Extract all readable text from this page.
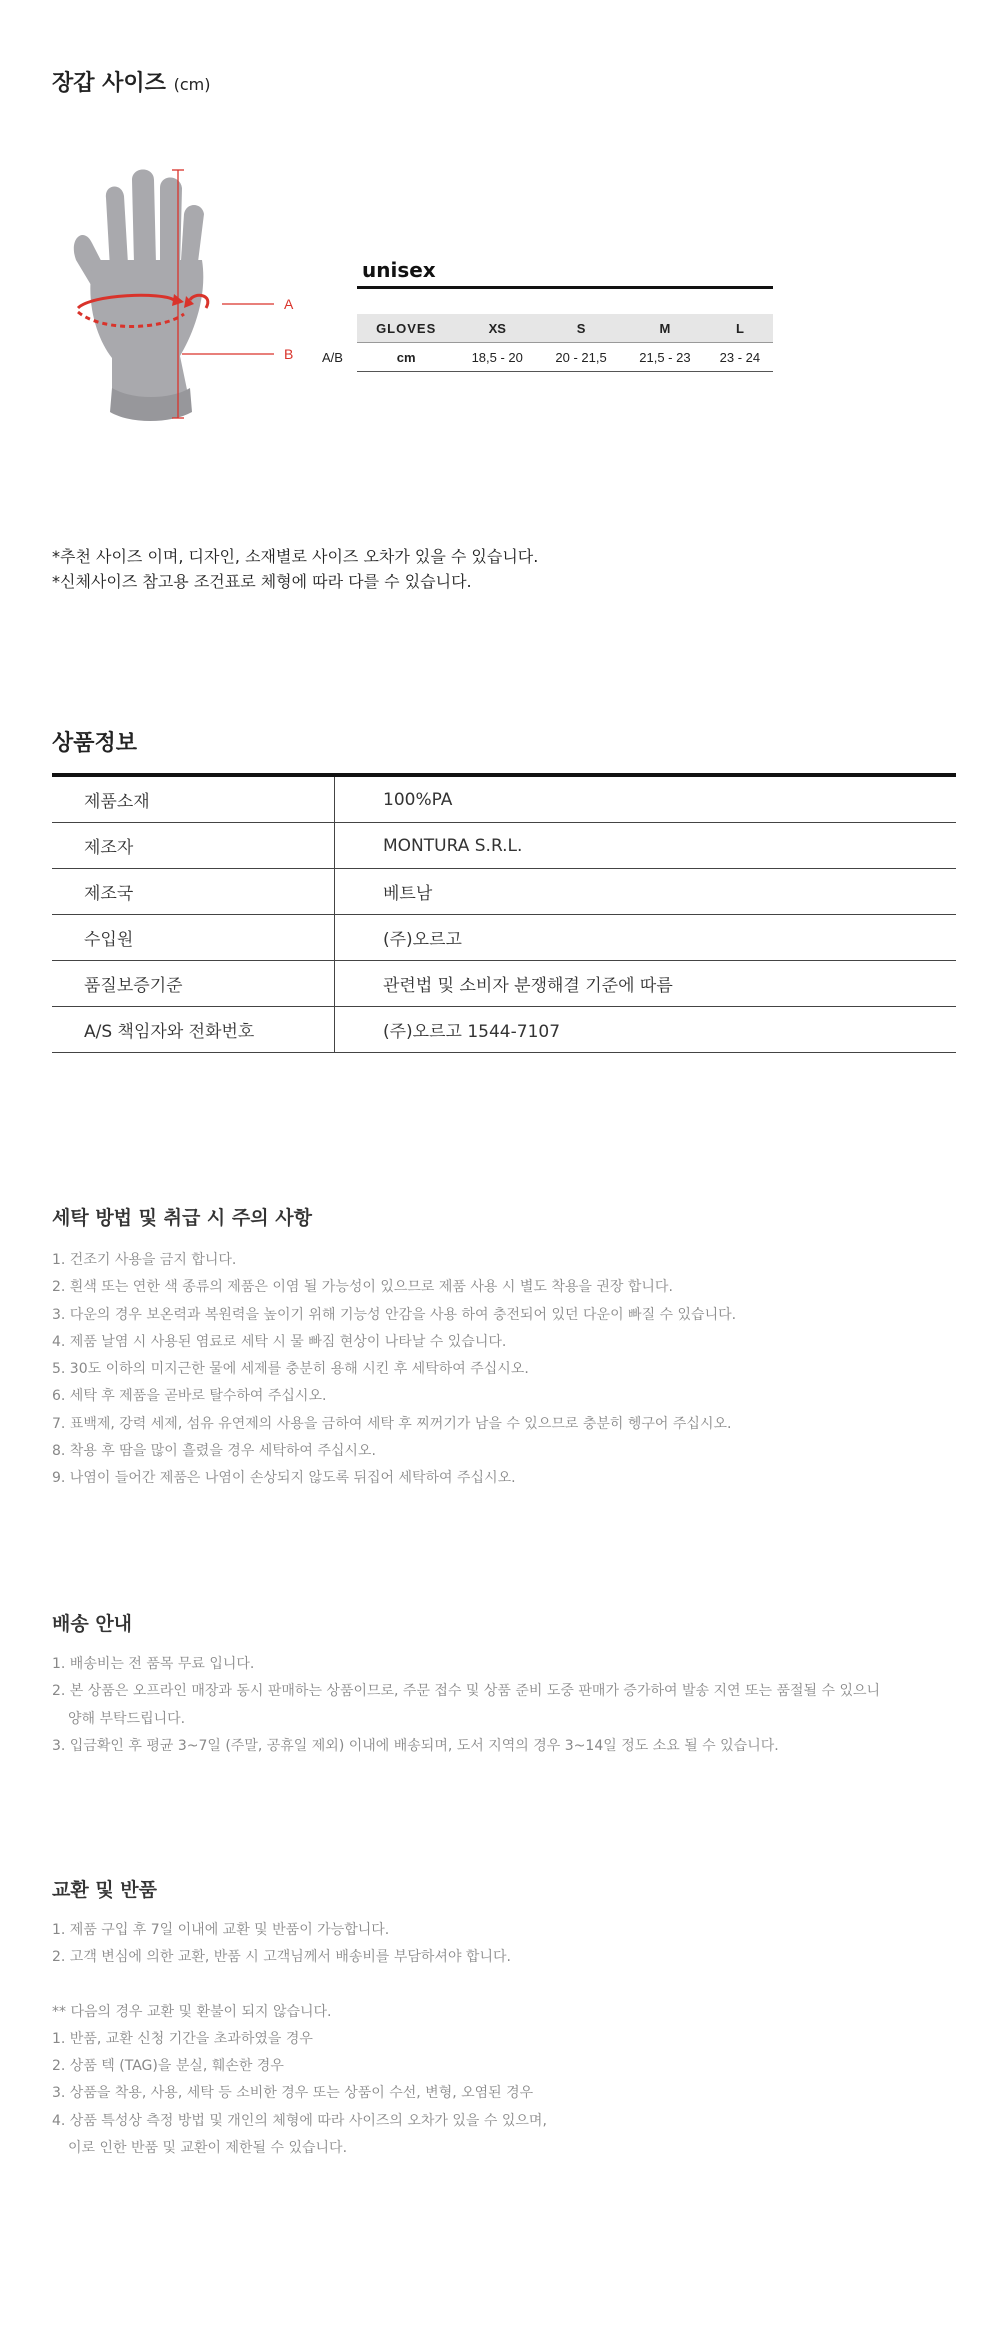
장갑 사이즈 (cm)
A
B
unisex
A/B
GLOVES	XS	S	M	L
cm	18,5 - 20	20 - 21,5	21,5 - 23	23 - 24
*추천 사이즈 이며, 디자인, 소재별로 사이즈 오차가 있을 수 있습니다.
*신체사이즈 참고용 조건표로 체형에 따라 다를 수 있습니다.
상품정보
제품소재	100%PA
제조자	MONTURA S.R.L.
제조국	베트남
수입원	(주)오르고
품질보증기준	관련법 및 소비자 분쟁해결 기준에 따름
A/S 책임자와 전화번호	(주)오르고 1544-7107
세탁 방법 및 취급 시 주의 사항
1. 건조기 사용을 금지 합니다.
2. 흰색 또는 연한 색 종류의 제품은 이염 될 가능성이 있으므로 제품 사용 시 별도 착용을 권장 합니다.
3. 다운의 경우 보온력과 복원력을 높이기 위해 기능성 안감을 사용 하여 충전되어 있던 다운이 빠질 수 있습니다.
4. 제품 날염 시 사용된 염료로 세탁 시 물 빠짐 현상이 나타날 수 있습니다.
5. 30도 이하의 미지근한 물에 세제를 충분히 용해 시킨 후 세탁하여 주십시오.
6. 세탁 후 제품을 곧바로 탈수하여 주십시오.
7. 표백제, 강력 세제, 섬유 유연제의 사용을 금하여 세탁 후 찌꺼기가 남을 수 있으므로 충분히 헹구어 주십시오.
8. 착용 후 땀을 많이 흘렸을 경우 세탁하여 주십시오.
9. 나염이 들어간 제품은 나염이 손상되지 않도록 뒤집어 세탁하여 주십시오.
배송 안내
1. 배송비는 전 품목 무료 입니다.
2. 본 상품은 오프라인 매장과 동시 판매하는 상품이므로, 주문 접수 및 상품 준비 도중 판매가 증가하여 발송 지연 또는 품절될 수 있으니
양해 부탁드립니다.
3. 입금확인 후 평균 3~7일 (주말, 공휴일 제외) 이내에 배송되며, 도서 지역의 경우 3~14일 정도 소요 될 수 있습니다.
교환 및 반품
1. 제품 구입 후 7일 이내에 교환 및 반품이 가능합니다.
2. 고객 변심에 의한 교환, 반품 시 고객님께서 배송비를 부담하셔야 합니다.
** 다음의 경우 교환 및 환불이 되지 않습니다.
1. 반품, 교환 신청 기간을 초과하였을 경우
2. 상품 텍 (TAG)을 분실, 훼손한 경우
3. 상품을 착용, 사용, 세탁 등 소비한 경우 또는 상품이 수선, 변형, 오염된 경우
4. 상품 특성상 측정 방법 및 개인의 체형에 따라 사이즈의 오차가 있을 수 있으며,
이로 인한 반품 및 교환이 제한될 수 있습니다.
